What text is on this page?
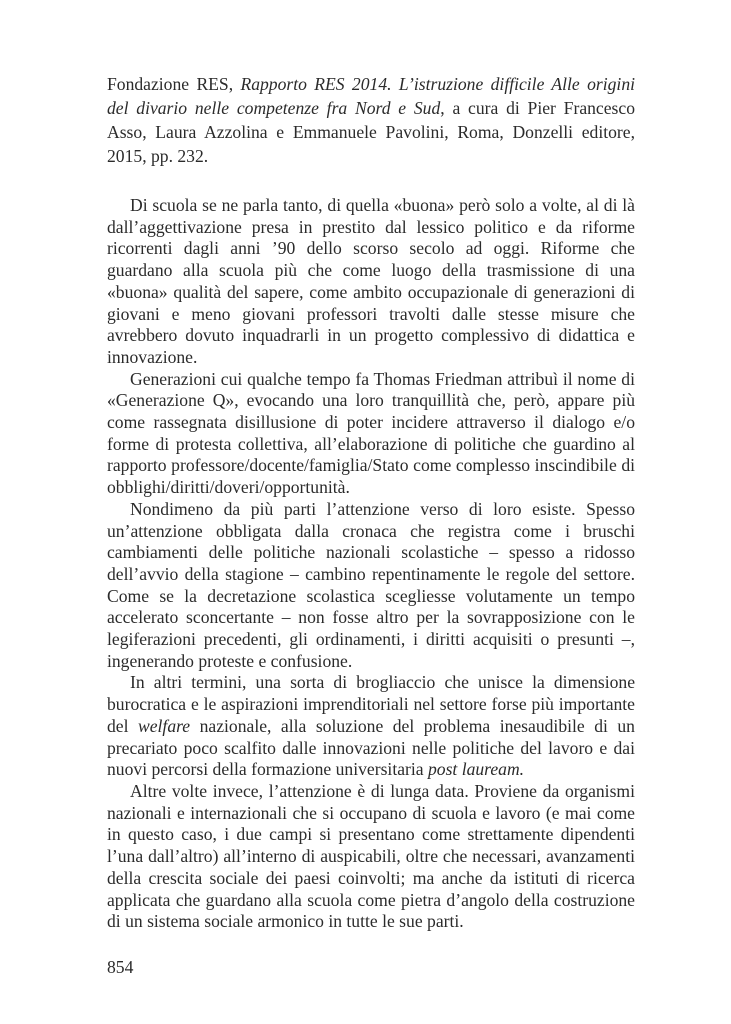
Fondazione RES, Rapporto RES 2014. L’istruzione difficile Alle origini del divario nelle competenze fra Nord e Sud, a cura di Pier Francesco Asso, Laura Azzolina e Emmanuele Pavolini, Roma, Donzelli editore, 2015, pp. 232.

Di scuola se ne parla tanto, di quella «buona» però solo a volte, al di là dall’aggettivazione presa in prestito dal lessico politico e da riforme ricorrenti dagli anni ’90 dello scorso secolo ad oggi. Riforme che guardano alla scuola più che come luogo della trasmissione di una «buona» qualità del sapere, come ambito occupazionale di generazioni di giovani e meno giovani professori travolti dalle stesse misure che avrebbero dovuto inquadrarli in un progetto complessivo di didattica e innovazione.

Generazioni cui qualche tempo fa Thomas Friedman attribuì il nome di «Generazione Q», evocando una loro tranquillità che, però, appare più come rassegnata disillusione di poter incidere attraverso il dialogo e/o forme di protesta collettiva, all’elaborazione di politiche che guardino al rapporto professore/docente/famiglia/Stato come complesso inscindibile di obblighi/diritti/doveri/opportunità.

Nondimeno da più parti l’attenzione verso di loro esiste. Spesso un’attenzione obbligata dalla cronaca che registra come i bruschi cambiamenti delle politiche nazionali scolastiche – spesso a ridosso dell’avvio della stagione – cambino repentinamente le regole del settore. Come se la decretazione scolastica scegliesse volutamente un tempo accelerato sconcertante – non fosse altro per la sovrapposizione con le legiferazioni precedenti, gli ordinamenti, i diritti acquisiti o presunti –, ingenerando proteste e confusione.

In altri termini, una sorta di brogliaccio che unisce la dimensione burocratica e le aspirazioni imprenditoriali nel settore forse più importante del welfare nazionale, alla soluzione del problema inesaudibile di un precariato poco scalfito dalle innovazioni nelle politiche del lavoro e dai nuovi percorsi della formazione universitaria post lauream.

Altre volte invece, l’attenzione è di lunga data. Proviene da organismi nazionali e internazionali che si occupano di scuola e lavoro (e mai come in questo caso, i due campi si presentano come strettamente dipendenti l’una dall’altro) all’interno di auspicabili, oltre che necessari, avanzamenti della crescita sociale dei paesi coinvolti; ma anche da istituti di ricerca applicata che guardano alla scuola come pietra d’angolo della costruzione di un sistema sociale armonico in tutte le sue parti.

854
